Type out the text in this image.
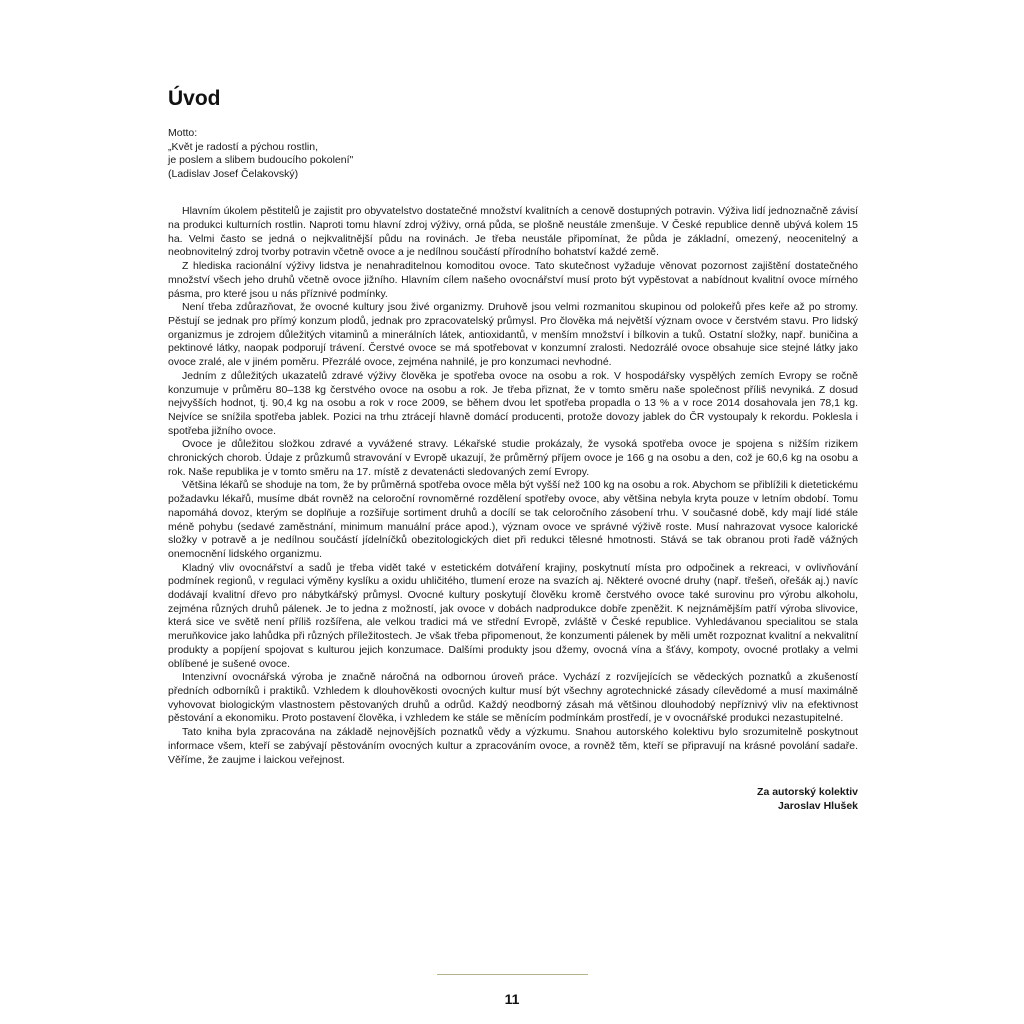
Úvod
Motto:
„Květ je radostí a pýchou rostlin,
je poslem a slibem budoucího pokolení"
(Ladislav Josef Čelakovský)

Hlavním úkolem pěstitelů je zajistit pro obyvatelstvo dostatečné množství kvalitních a cenově dostupných potravin. Výživa lidí jednoznačně závisí na produkci kulturních rostlin. Naproti tomu hlavní zdroj výživy, orná půda, se plošně neustále zmenšuje. V České republice denně ubývá kolem 15 ha. Velmi často se jedná o nejkvalitnější půdu na rovinách. Je třeba neustále připomínat, že půda je základní, omezený, neocenitelný a neobnovitelný zdroj tvorby potravin včetně ovoce a je nedílnou součástí přírodního bohatství každé země.

Z hlediska racionální výživy lidstva je nenahraditelnou komoditou ovoce. Tato skutečnost vyžaduje věnovat pozornost zajištění dostatečného množství všech jeho druhů včetně ovoce jižního. Hlavním cílem našeho ovocnářství musí proto být vypěstovat a nabídnout kvalitní ovoce mírného pásma, pro které jsou u nás příznivé podmínky.

Není třeba zdůrazňovat, že ovocné kultury jsou živé organizmy. Druhově jsou velmi rozmanitou skupinou od polokeřů přes keře až po stromy. Pěstují se jednak pro přímý konzum plodů, jednak pro zpracovatelský průmysl. Pro člověka má největší význam ovoce v čerstvém stavu. Pro lidský organizmus je zdrojem důležitých vitaminů a minerálních látek, antioxidantů, v menším množství i bílkovin a tuků. Ostatní složky, např. buničina a pektinové látky, naopak podporují trávení. Čerstvé ovoce se má spotřebovat v konzumní zralosti. Nedozrálé ovoce obsahuje sice stejné látky jako ovoce zralé, ale v jiném poměru. Přezrálé ovoce, zejména nahnilé, je pro konzumaci nevhodné.

Jedním z důležitých ukazatelů zdravé výživy člověka je spotřeba ovoce na osobu a rok. V hospodářsky vyspělých zemích Evropy se ročně konzumuje v průměru 80–138 kg čerstvého ovoce na osobu a rok. Je třeba přiznat, že v tomto směru naše společnost příliš nevyniká. Z dosud nejvyšších hodnot, tj. 90,4 kg na osobu a rok v roce 2009, se během dvou let spotřeba propadla o 13 % a v roce 2014 dosahovala jen 78,1 kg. Nejvíce se snížila spotřeba jablek. Pozici na trhu ztrácejí hlavně domácí producenti, protože dovozy jablek do ČR vystoupaly k rekordu. Poklesla i spotřeba jižního ovoce.

Ovoce je důležitou složkou zdravé a vyvážené stravy. Lékařské studie prokázaly, že vysoká spotřeba ovoce je spojena s nižším rizikem chronických chorob. Údaje z průzkumů stravování v Evropě ukazují, že průměrný příjem ovoce je 166 g na osobu a den, což je 60,6 kg na osobu a rok. Naše republika je v tomto směru na 17. místě z devatenácti sledovaných zemí Evropy.

Většina lékařů se shoduje na tom, že by průměrná spotřeba ovoce měla být vyšší než 100 kg na osobu a rok. Abychom se přiblížili k dietetickému požadavku lékařů, musíme dbát rovněž na celoroční rovnoměrné rozdělení spotřeby ovoce, aby většina nebyla kryta pouze v letním období. Tomu napomáhá dovoz, kterým se doplňuje a rozšiřuje sortiment druhů a docílí se tak celoročního zásobení trhu. V současné době, kdy mají lidé stále méně pohybu (sedavé zaměstnání, minimum manuální práce apod.), význam ovoce ve správné výživě roste. Musí nahrazovat vysoce kalorické složky v potravě a je nedílnou součástí jídelníčků obezitologických diet při redukci tělesné hmotnosti. Stává se tak obranou proti řadě vážných onemocnění lidského organizmu.

Kladný vliv ovocnářství a sadů je třeba vidět také v estetickém dotváření krajiny, poskytnutí místa pro odpočinek a rekreaci, v ovlivňování podmínek regionů, v regulaci výměny kyslíku a oxidu uhličitého, tlumení eroze na svazích aj. Některé ovocné druhy (např. třešeň, ořešák aj.) navíc dodávají kvalitní dřevo pro nábytkářský průmysl. Ovocné kultury poskytují člověku kromě čerstvého ovoce také surovinu pro výrobu alkoholu, zejména různých druhů pálenek. Je to jedna z možností, jak ovoce v dobách nadprodukce dobře zpeněžit. K nejznámějším patří výroba slivovice, která sice ve světě není příliš rozšířena, ale velkou tradici má ve střední Evropě, zvláště v České republice. Vyhledávanou specialitou se stala meruňkovice jako lahůdka při různých příležitostech. Je však třeba připomenout, že konzumenti pálenek by měli umět rozpoznat kvalitní a nekvalitní produkty a popíjení spojovat s kulturou jejich konzumace. Dalšími produkty jsou džemy, ovocná vína a šťávy, kompoty, ovocné protlaky a velmi oblíbené je sušené ovoce.

Intenzivní ovocnářská výroba je značně náročná na odbornou úroveň práce. Vychází z rozvíjejících se vědeckých poznatků a zkušeností předních odborníků i praktiků. Vzhledem k dlouhověkosti ovocných kultur musí být všechny agrotechnické zásady cílevědomé a musí maximálně vyhovovat biologickým vlastnostem pěstovaných druhů a odrůd. Každý neodborný zásah má většinou dlouhodobý nepříznivý vliv na efektivnost pěstování a ekonomiku. Proto postavení člověka, i vzhledem ke stále se měnícím podmínkám prostředí, je v ovocnářské produkci nezastupitelné.

Tato kniha byla zpracována na základě nejnovějších poznatků vědy a výzkumu. Snahou autorského kolektivu bylo srozumitelně poskytnout informace všem, kteří se zabývají pěstováním ovocných kultur a zpracováním ovoce, a rovněž těm, kteří se připravují na krásné povolání sadaře. Věříme, že zaujme i laickou veřejnost.

Za autorský kolektiv
Jaroslav Hlušek
11
